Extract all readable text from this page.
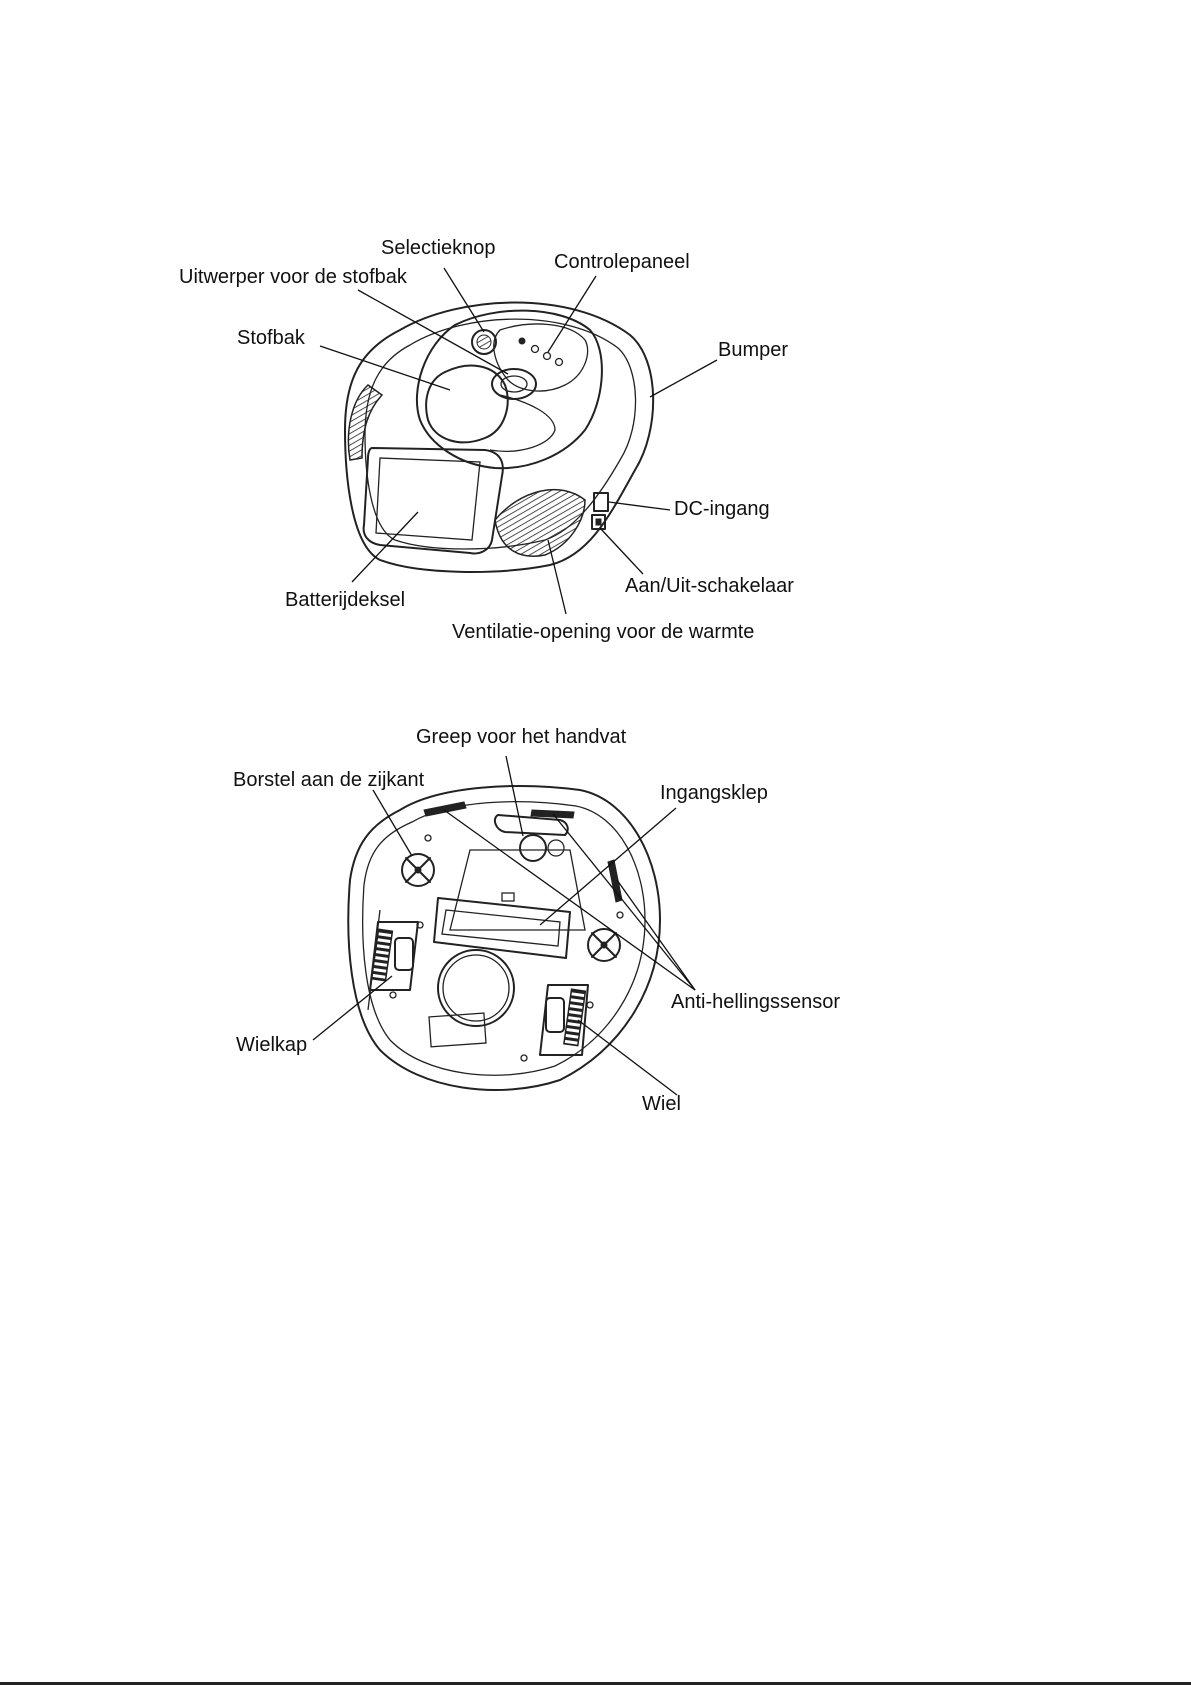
Selectieknop
Uitwerper voor de stofbak
Controlepaneel
Stofbak
Bumper
DC-ingang
Aan/Uit-schakelaar
Batterijdeksel
Ventilatie-opening voor de warmte
Greep voor het handvat
Borstel aan de zijkant
Ingangsklep
Anti-hellingssensor
Wielkap
Wiel
